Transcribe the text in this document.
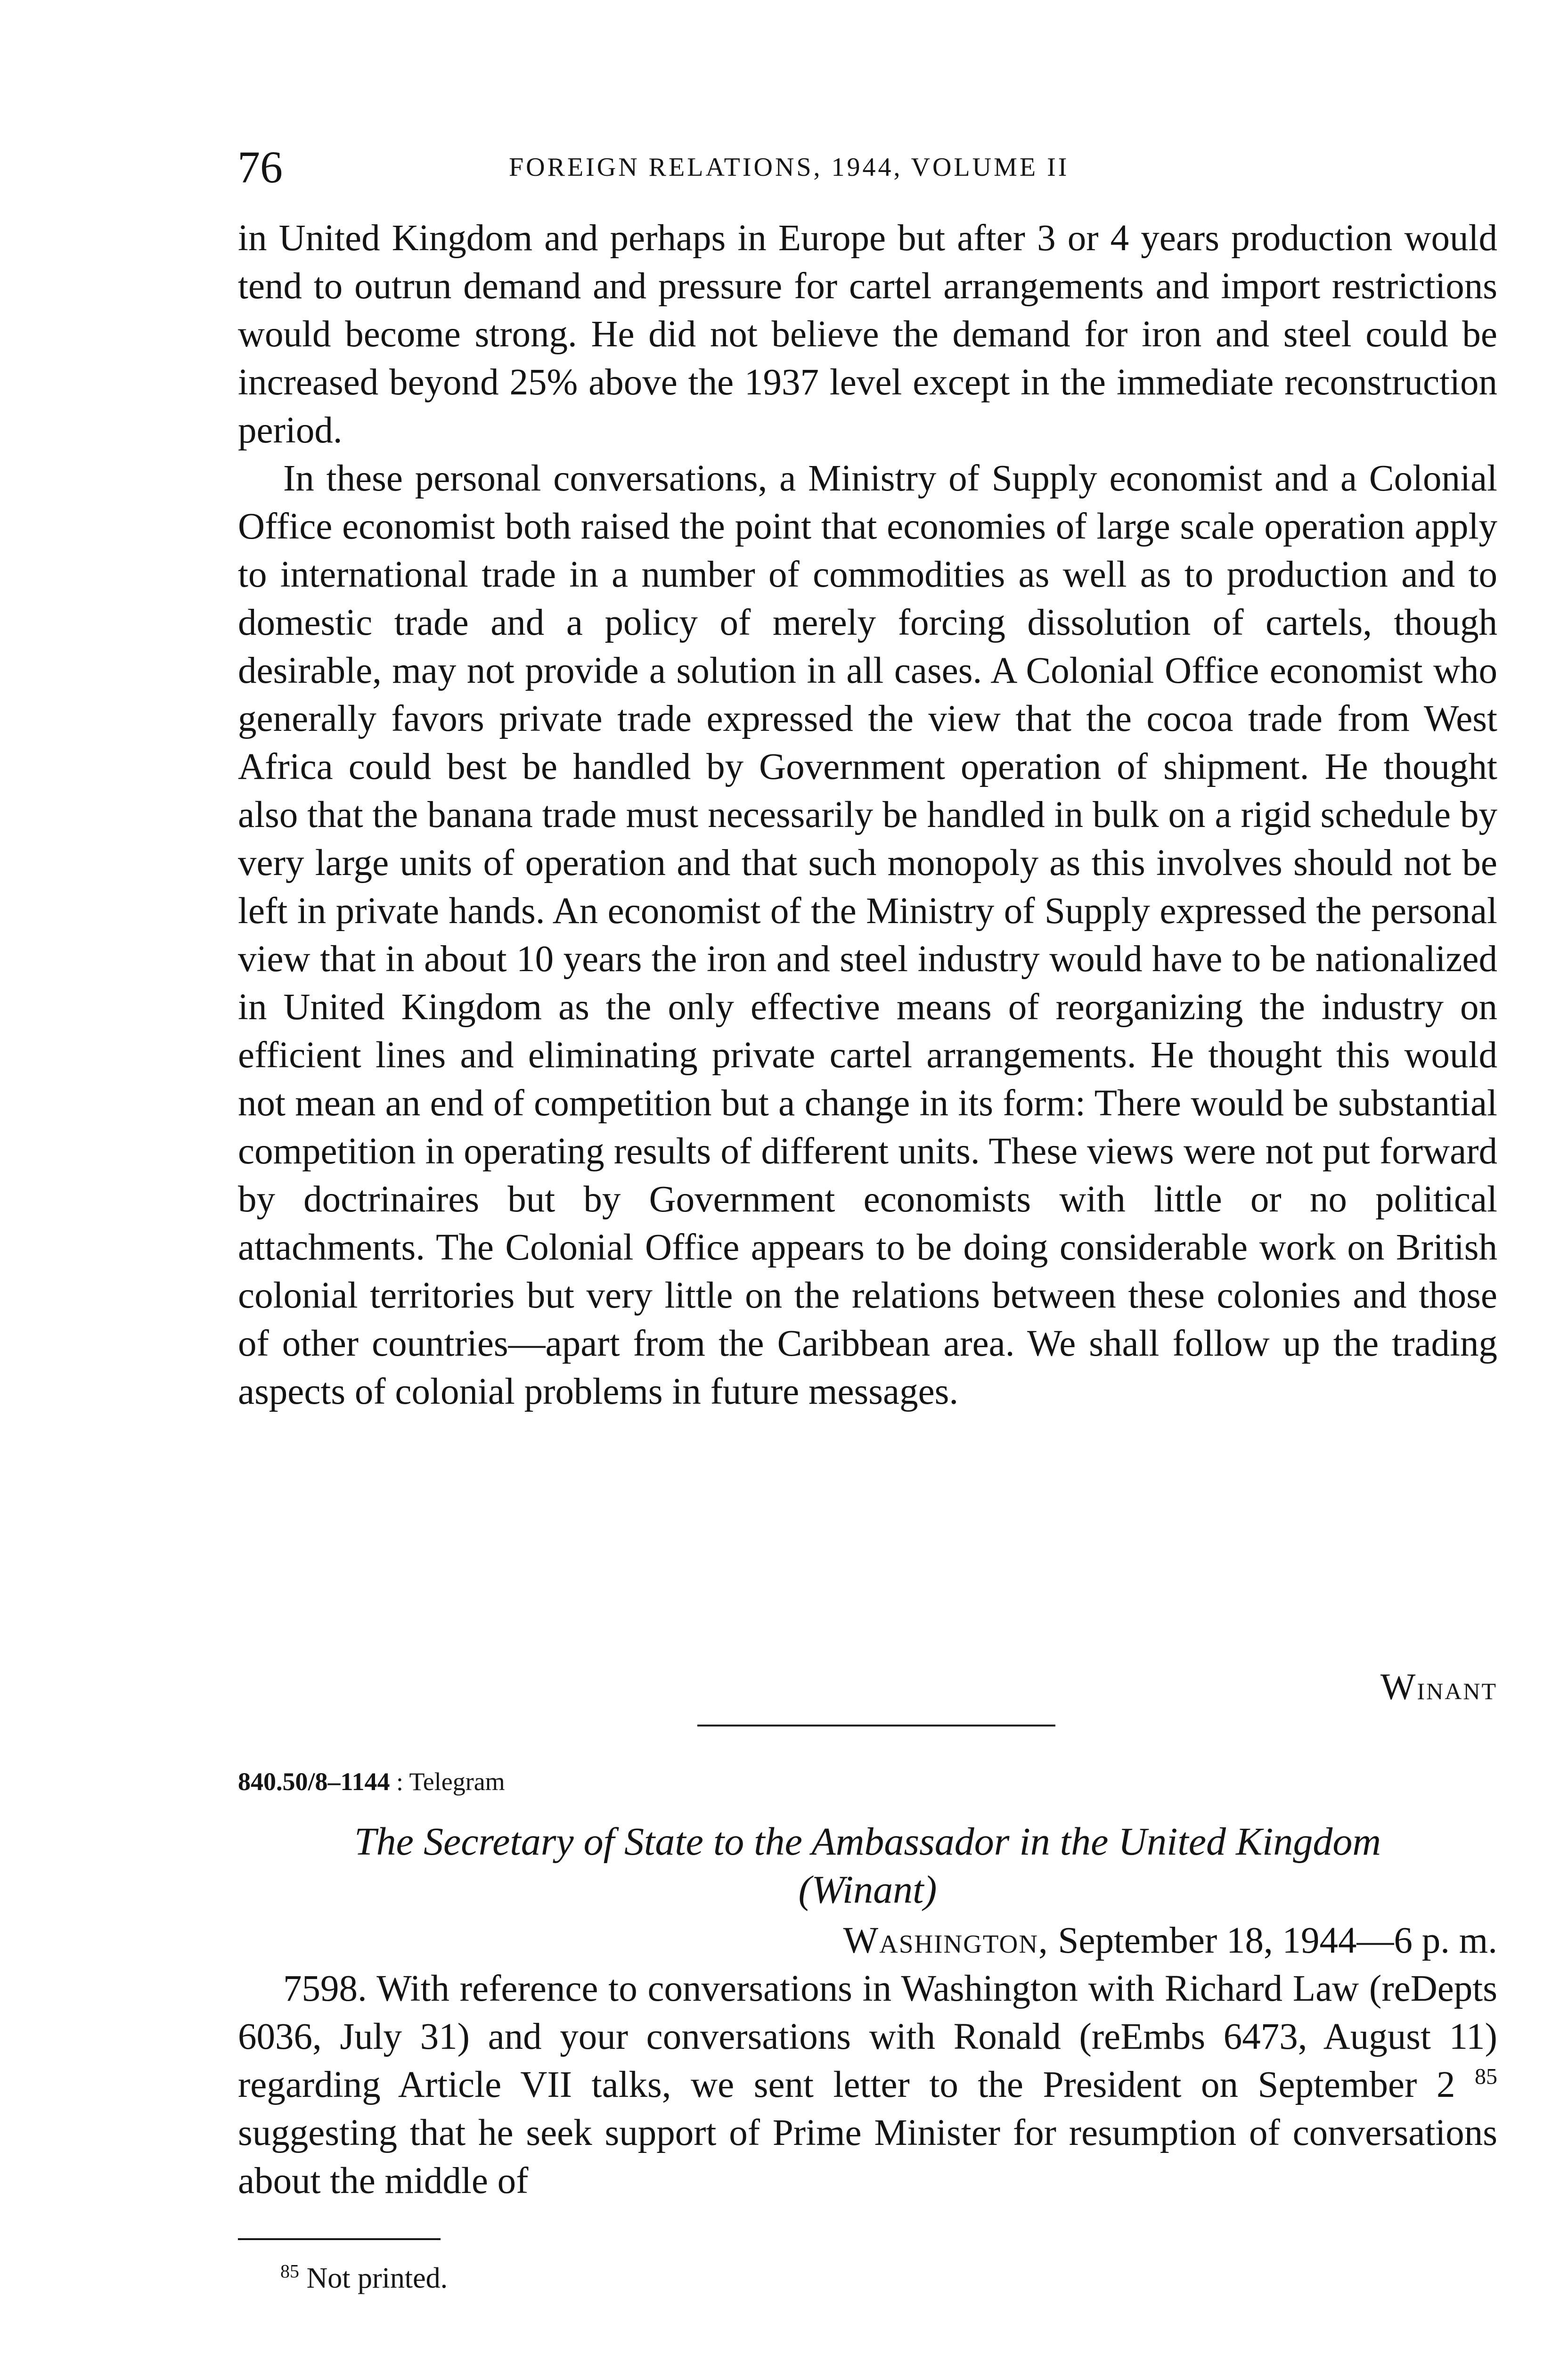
76	FOREIGN RELATIONS, 1944, VOLUME II

in United Kingdom and perhaps in Europe but after 3 or 4 years production would tend to outrun demand and pressure for cartel arrangements and import restrictions would become strong. He did not believe the demand for iron and steel could be increased beyond 25% above the 1937 level except in the immediate reconstruction period.

In these personal conversations, a Ministry of Supply economist and a Colonial Office economist both raised the point that economies of large scale operation apply to international trade in a number of commodities as well as to production and to domestic trade and a policy of merely forcing dissolution of cartels, though desirable, may not provide a solution in all cases. A Colonial Office economist who generally favors private trade expressed the view that the cocoa trade from West Africa could best be handled by Government operation of shipment. He thought also that the banana trade must necessarily be handled in bulk on a rigid schedule by very large units of operation and that such monopoly as this involves should not be left in private hands. An economist of the Ministry of Supply expressed the personal view that in about 10 years the iron and steel industry would have to be nationalized in United Kingdom as the only effective means of reorganizing the industry on efficient lines and eliminating private cartel arrangements. He thought this would not mean an end of competition but a change in its form: There would be substantial competition in operating results of different units. These views were not put forward by doctrinaires but by Government economists with little or no political attachments. The Colonial Office appears to be doing considerable work on British colonial territories but very little on the relations between these colonies and those of other countries—apart from the Caribbean area. We shall follow up the trading aspects of colonial problems in future messages.

Winant
840.50/8–1144 : Telegram
The Secretary of State to the Ambassador in the United Kingdom
(Winant)
Washington, September 18, 1944—6 p. m.

7598. With reference to conversations in Washington with Richard Law (reDepts 6036, July 31) and your conversations with Ronald (reEmbs 6473, August 11) regarding Article VII talks, we sent letter to the President on September 2 $^{85}$ suggesting that he seek support of Prime Minister for resumption of conversations about the middle of

$^{85}$ Not printed.
